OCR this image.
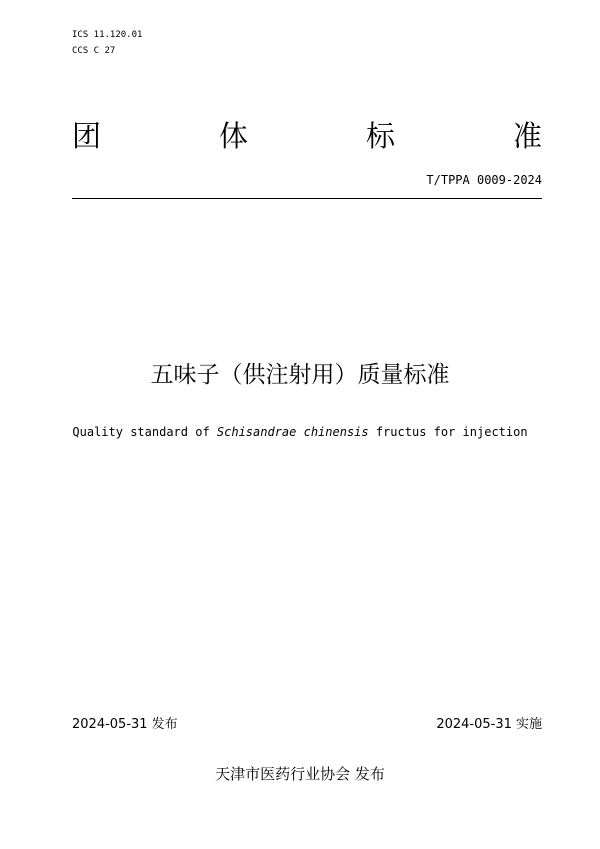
ICS 11.120.01
CCS C 27
团	体	标	准
T/TPPA 0009-2024
五味子（供注射用）质量标准
Quality standard of Schisandrae chinensis fructus for injection
2024-05-31 发布	2024-05-31 实施
天津市医药行业协会 发布
